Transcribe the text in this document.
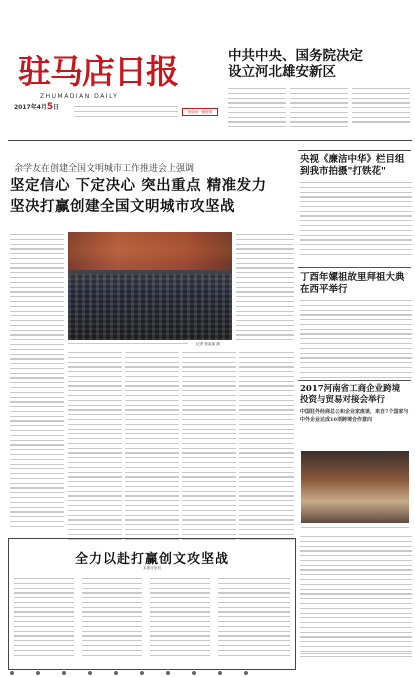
驻马店日报
ZHUMADIAN DAILY
2017年4月5日
河南省一级报纸
中共中央、国务院决定
设立河北雄安新区
余学友在创建全国文明城市工作推进会上强调
坚定信心 下定决心 突出重点 精准发力
坚决打赢创建全国文明城市攻坚战
记者 张某某 摄
央视《廉洁中华》栏目组
到我市拍摄"打铁花"
丁酉年嫘祖故里拜祖大典
在西平举行
2017河南省工商企业跨境
投资与贸易对接会举行
中国驻外经商总公和企业家座谈，来自7个国家与中外企业达成10项跨境合作意向
全力以赴打赢创文攻坚战
本报评论员
